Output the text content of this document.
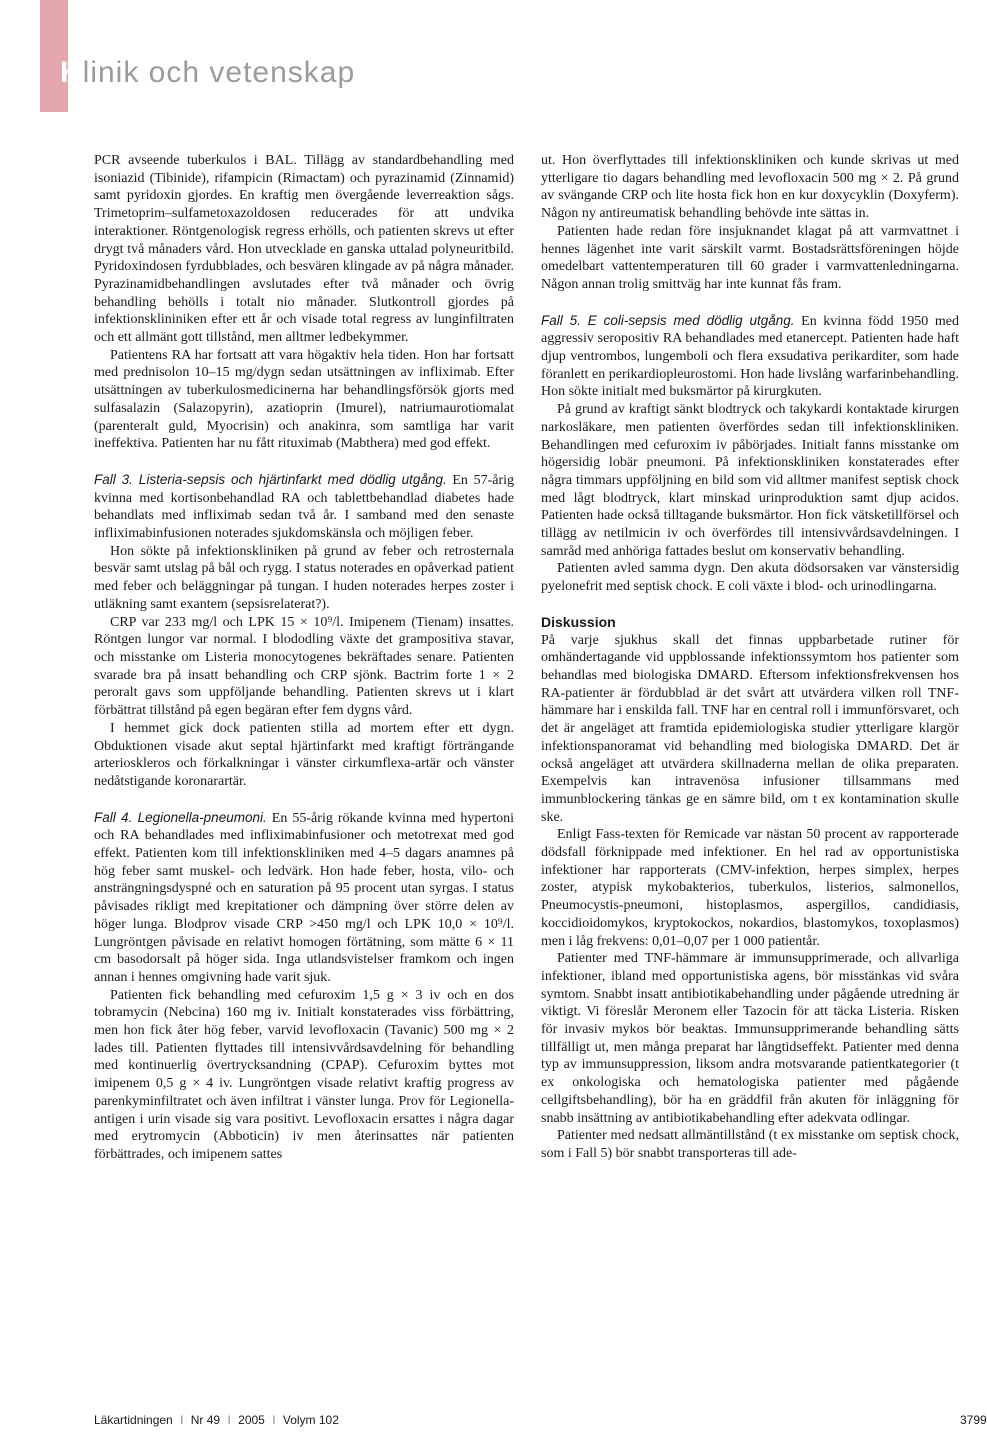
Klinik och vetenskap

PCR avseende tuberkulos i BAL. Tillägg av standardbehandling med isoniazid (Tibinide), rifampicin (Rimactam) och pyrazinamid (Zinnamid) samt pyridoxin gjordes. En kraftig men övergående leverreaktion sågs. Trimetoprim–sulfametoxazoldosen reducerades för att undvika interaktioner. Röntgenologisk regress erhölls, och patienten skrevs ut efter drygt två månaders vård. Hon utvecklade en ganska uttalad polyneuritbild. Pyridoxindosen fyrdubblades, och besvären klingade av på några månader. Pyrazinamidbehandlingen avslutades efter två månader och övrig behandling behölls i totalt nio månader. Slutkontroll gjordes på infektionsklininiken efter ett år och visade total regress av lunginfiltraten och ett allmänt gott tillstånd, men alltmer ledbekymmer.

Patientens RA har fortsatt att vara högaktiv hela tiden. Hon har fortsatt med prednisolon 10–15 mg/dygn sedan utsättningen av infliximab. Efter utsättningen av tuberkulosmedicinerna har behandlingsförsök gjorts med sulfasalazin (Salazopyrin), azatioprin (Imurel), natriumaurotiomalat (parenteralt guld, Myocrisin) och anakinra, som samtliga har varit ineffektiva. Patienten har nu fått rituximab (Mabthera) med god effekt.

Fall 3. Listeria-sepsis och hjärtinfarkt med dödlig utgång. En 57-årig kvinna med kortisonbehandlad RA och tablettbehandlad diabetes hade behandlats med infliximab sedan två år. I samband med den senaste infliximabinfusionen noterades sjukdomskänsla och möjligen feber.

Hon sökte på infektionskliniken på grund av feber och retrosternala besvär samt utslag på bål och rygg. I status noterades en opåverkad patient med feber och beläggningar på tungan. I huden noterades herpes zoster i utläkning samt exantem (sepsisrelaterat?).

CRP var 233 mg/l och LPK 15 × 10⁹/l. Imipenem (Tienam) insattes. Röntgen lungor var normal. I blododling växte det grampositiva stavar, och misstanke om Listeria monocytogenes bekräftades senare. Patienten svarade bra på insatt behandling och CRP sjönk. Bactrim forte 1 × 2 peroralt gavs som uppföljande behandling. Patienten skrevs ut i klart förbättrat tillstånd på egen begäran efter fem dygns vård.

I hemmet gick dock patienten stilla ad mortem efter ett dygn. Obduktionen visade akut septal hjärtinfarkt med kraftigt förträngande arterioskleros och förkalkningar i vänster cirkumflexa-artär och vänster nedåtstigande koronarartär.

Fall 4. Legionella-pneumoni. En 55-årig rökande kvinna med hypertoni och RA behandlades med infliximabinfusioner och metotrexat med god effekt. Patienten kom till infektionskliniken med 4–5 dagars anamnes på hög feber samt muskel- och ledvärk. Hon hade feber, hosta, vilo- och ansträngningsdyspné och en saturation på 95 procent utan syrgas. I status påvisades rikligt med krepitationer och dämpning över större delen av höger lunga. Blodprov visade CRP >450 mg/l och LPK 10,0 × 10⁹/l. Lungröntgen påvisade en relativt homogen förtätning, som mätte 6 × 11 cm basodorsalt på höger sida. Inga utlandsvistelser framkom och ingen annan i hennes omgivning hade varit sjuk.

Patienten fick behandling med cefuroxim 1,5 g × 3 iv och en dos tobramycin (Nebcina) 160 mg iv. Initialt konstaterades viss förbättring, men hon fick åter hög feber, varvid levofloxacin (Tavanic) 500 mg × 2 lades till. Patienten flyttades till intensivvårdsavdelning för behandling med kontinuerlig övertrycksandning (CPAP). Cefuroxim byttes mot imipenem 0,5 g × 4 iv. Lungröntgen visade relativt kraftig progress av parenkyminfiltratet och även infiltrat i vänster lunga. Prov för Legionella-antigen i urin visade sig vara positivt. Levofloxacin ersattes i några dagar med erytromycin (Abboticin) iv men återinsattes när patienten förbättrades, och imipenem sattes

ut. Hon överflyttades till infektionskliniken och kunde skrivas ut med ytterligare tio dagars behandling med levofloxacin 500 mg × 2. På grund av svängande CRP och lite hosta fick hon en kur doxycyklin (Doxyferm). Någon ny antireumatisk behandling behövde inte sättas in.

Patienten hade redan före insjuknandet klagat på att varmvattnet i hennes lägenhet inte varit särskilt varmt. Bostadsrättsföreningen höjde omedelbart vattentemperaturen till 60 grader i varmvattenledningarna. Någon annan trolig smittväg har inte kunnat fås fram.

Fall 5. E coli-sepsis med dödlig utgång. En kvinna född 1950 med aggressiv seropositiv RA behandlades med etanercept. Patienten hade haft djup ventrombos, lungemboli och flera exsudativa perikarditer, som hade föranlett en perikardiopleurostomi. Hon hade livslång warfarinbehandling. Hon sökte initialt med buksmärtor på kirurgkuten.

På grund av kraftigt sänkt blodtryck och takykardi kontaktade kirurgen narkosläkare, men patienten överfördes sedan till infektionskliniken. Behandlingen med cefuroxim iv påbörjades. Initialt fanns misstanke om högersidig lobär pneumoni. På infektionskliniken konstaterades efter några timmars uppföljning en bild som vid alltmer manifest septisk chock med lågt blodtryck, klart minskad urinproduktion samt djup acidos. Patienten hade också tilltagande buksmärtor. Hon fick vätsketillförsel och tillägg av netilmicin iv och överfördes till intensivvårdsavdelningen. I samråd med anhöriga fattades beslut om konservativ behandling.

Patienten avled samma dygn. Den akuta dödsorsaken var vänstersidig pyelonefrit med septisk chock. E coli växte i blod- och urinodlingarna.

Diskussion

På varje sjukhus skall det finnas uppbarbetade rutiner för omhändertagande vid uppblossande infektionssymtom hos patienter som behandlas med biologiska DMARD. Eftersom infektionsfrekvensen hos RA-patienter är fördubblad är det svårt att utvärdera vilken roll TNF-hämmare har i enskilda fall. TNF har en central roll i immunförsvaret, och det är angeläget att framtida epidemiologiska studier ytterligare klargör infektionspanoramat vid behandling med biologiska DMARD. Det är också angeläget att utvärdera skillnaderna mellan de olika preparaten. Exempelvis kan intravenösa infusioner tillsammans med immunblockering tänkas ge en sämre bild, om t ex kontamination skulle ske.

Enligt Fass-texten för Remicade var nästan 50 procent av rapporterade dödsfall förknippade med infektioner. En hel rad av opportunistiska infektioner har rapporterats (CMV-infektion, herpes simplex, herpes zoster, atypisk mykobakterios, tuberkulos, listerios, salmonellos, Pneumocystis-pneumoni, histoplasmos, aspergillos, candidiasis, koccidioidomykos, kryptokockos, nokardios, blastomykos, toxoplasmos) men i låg frekvens: 0,01–0,07 per 1 000 patientår.

Patienter med TNF-hämmare är immunsupprimerade, och allvarliga infektioner, ibland med opportunistiska agens, bör misstänkas vid svåra symtom. Snabbt insatt antibiotikabehandling under pågående utredning är viktigt. Vi föreslår Meronem eller Tazocin för att täcka Listeria. Risken för invasiv mykos bör beaktas. Immunsupprimerande behandling sätts tillfälligt ut, men många preparat har långtidseffekt. Patienter med denna typ av immunsuppression, liksom andra motsvarande patientkategorier (t ex onkologiska och hematologiska patienter med pågående cellgiftsbehandling), bör ha en gräddfil från akuten för inläggning för snabb insättning av antibiotikabehandling efter adekvata odlingar.

Patienter med nedsatt allmäntillstånd (t ex misstanke om septisk chock, som i Fall 5) bör snabbt transporteras till ade-

Läkartidningen I Nr 49 I 2005 I Volym 102	3799
